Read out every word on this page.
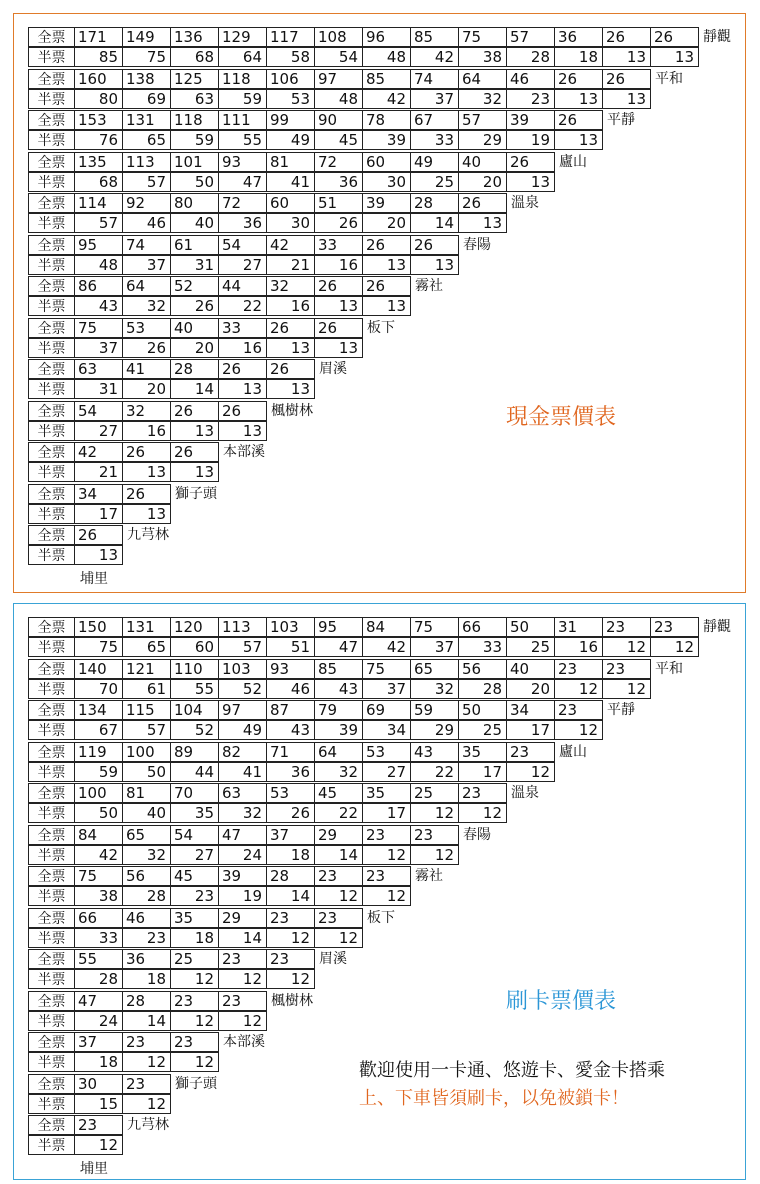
全票 171	149	136	129	117	108	96	85	75	57	36	26	26
半票	85	75	68	64	58	54	48	42	38	28	18	13	13
靜觀
全票 160	138	125	118	106	97	85	74	64	46	26	26
半票	80	69	63	59	53	48	42	37	32	23	13	13
平和
全票 153	131	118	111	99	90	78	67	57	39	26
半票	76	65	59	55	49	45	39	33	29	19	13
平靜
全票 135	113	101	93	81	72	60	49	40	26
半票	68	57	50	47	41	36	30	25	20	13
廬山
全票 114	92	80	72	60	51	39	28	26
半票	57	46	40	36	30	26	20	14	13
溫泉
全票 95	74	61	54	42	33	26	26
半票	48	37	31	27	21	16	13	13
春陽
全票 86	64	52	44	32	26	26
半票	43	32	26	22	16	13	13
霧社
全票 75	53	40	33	26	26
半票	37	26	20	16	13	13
板下
全票 63	41	28	26	26
半票	31	20	14	13	13
眉溪
全票 54	32	26	26
半票	27	16	13	13
楓樹林
全票 42	26	26
半票	21	13	13
本部溪
全票 34	26
半票	17	13
獅子頭
全票 26
半票	13
九芎林
埔里
現金票價表
全票 150	131	120	113	103	95	84	75	66	50	31	23	23
半票	75	65	60	57	51	47	42	37	33	25	16	12	12
靜觀
全票 140	121	110	103	93	85	75	65	56	40	23	23
半票	70	61	55	52	46	43	37	32	28	20	12	12
平和
全票 134	115	104	97	87	79	69	59	50	34	23
半票	67	57	52	49	43	39	34	29	25	17	12
平靜
全票 119	100	89	82	71	64	53	43	35	23
半票	59	50	44	41	36	32	27	22	17	12
廬山
全票 100	81	70	63	53	45	35	25	23
半票	50	40	35	32	26	22	17	12	12
溫泉
全票 84	65	54	47	37	29	23	23
半票	42	32	27	24	18	14	12	12
春陽
全票 75	56	45	39	28	23	23
半票	38	28	23	19	14	12	12
霧社
全票 66	46	35	29	23	23
半票	33	23	18	14	12	12
板下
全票 55	36	25	23	23
半票	28	18	12	12	12
眉溪
全票 47	28	23	23
半票	24	14	12	12
楓樹林
全票 37	23	23
半票	18	12	12
本部溪
全票 30	23
半票	15	12
獅子頭
全票 23
半票	12
九芎林
埔里
刷卡票價表
歡迎使用一卡通、悠遊卡、愛金卡搭乘
上、下車皆須刷卡，以免被鎖卡！
